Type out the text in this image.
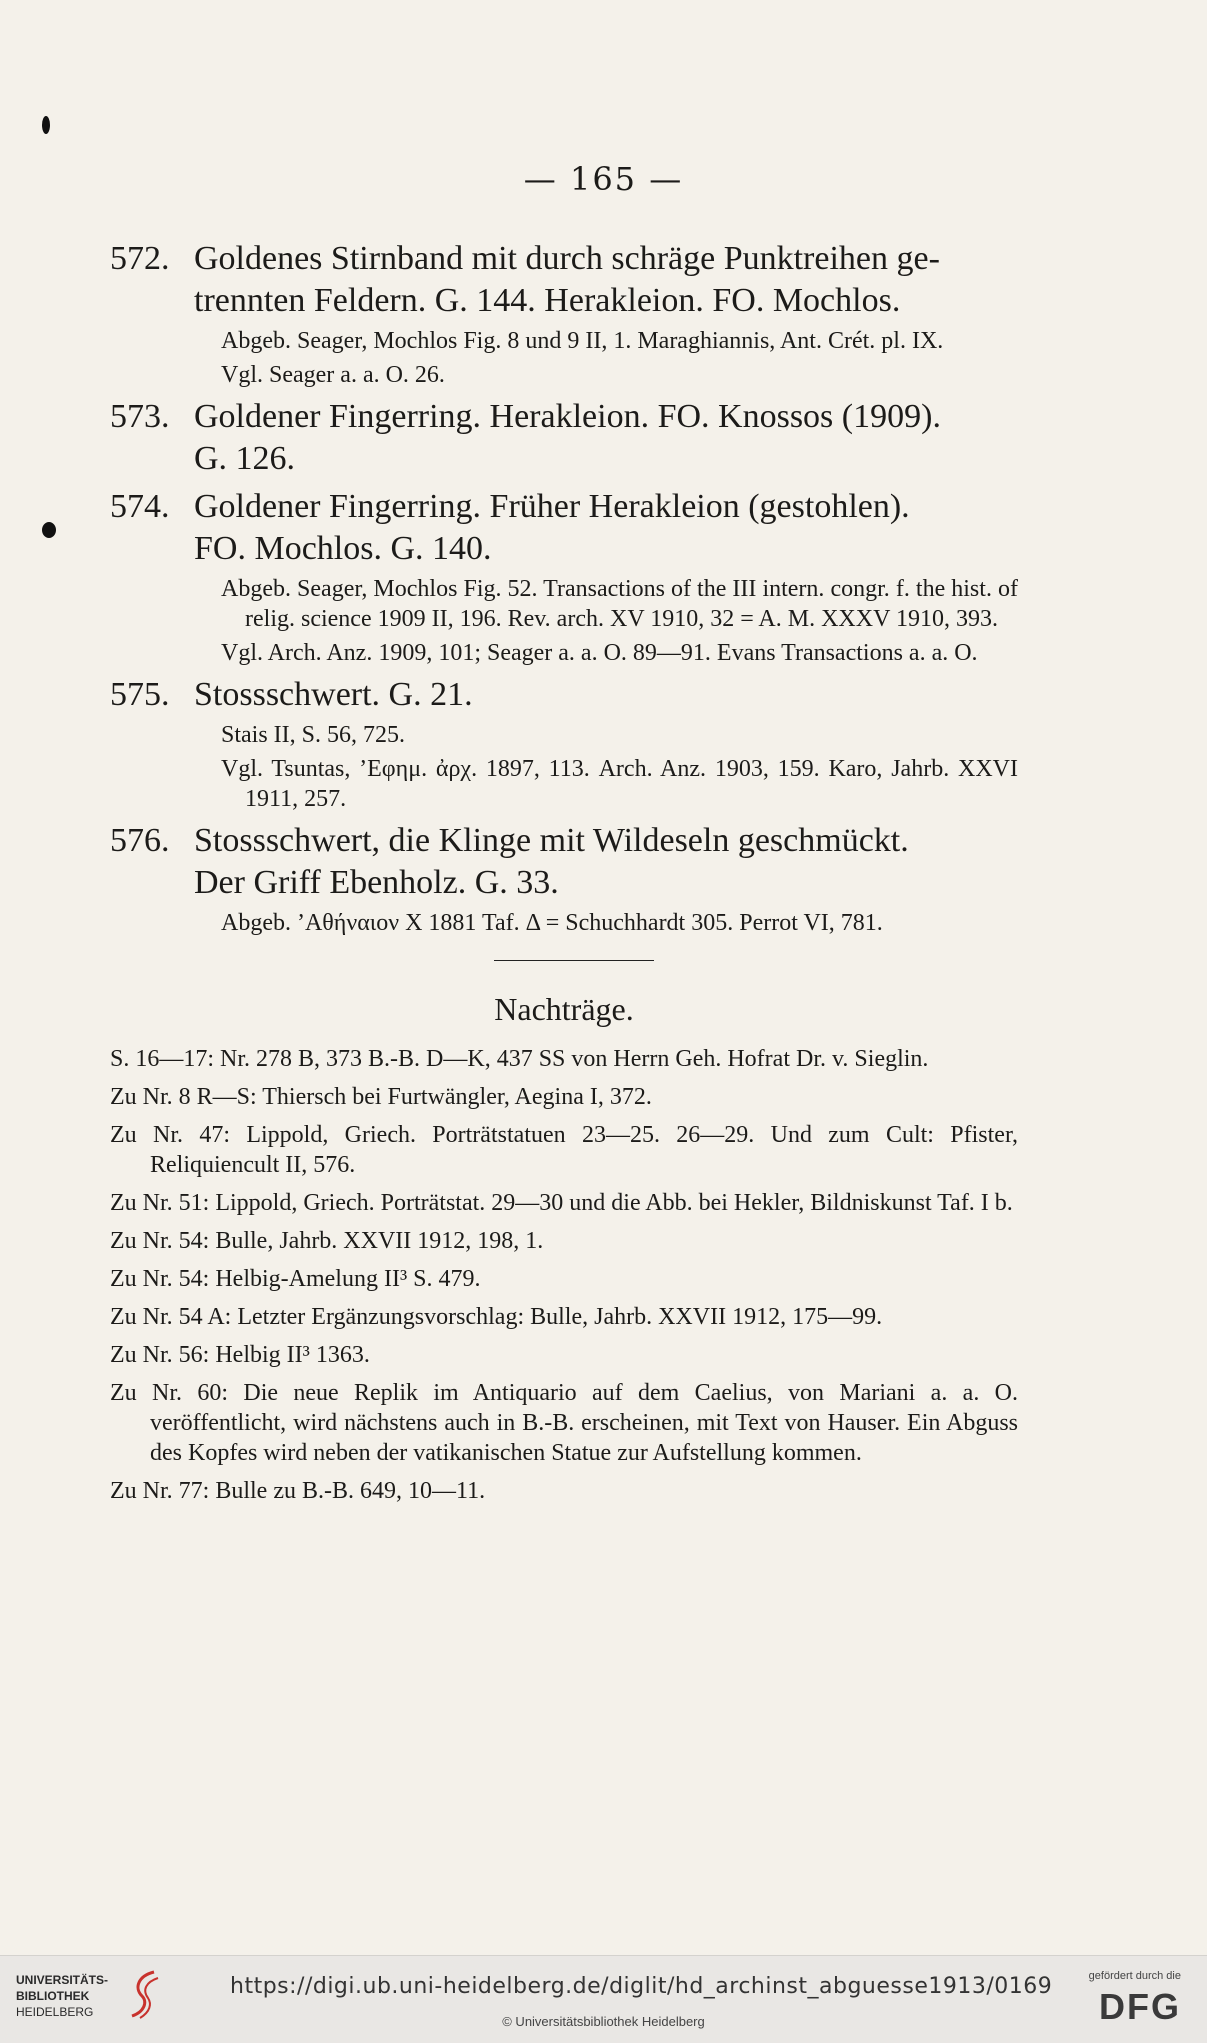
— 165 —
572. Goldenes Stirnband mit durch schräge Punktreihen ge-
trennten Feldern. G. 144. Herakleion. FO. Mochlos.
Abgeb. Seager, Mochlos Fig. 8 und 9 II, 1. Maraghiannis, Ant. Crét. pl. IX.
Vgl. Seager a. a. O. 26.
573. Goldener Fingerring. Herakleion. FO. Knossos (1909).
G. 126.
574. Goldener Fingerring. Früher Herakleion (gestohlen).
FO. Mochlos. G. 140.
Abgeb. Seager, Mochlos Fig. 52. Transactions of the III intern. congr. f. the hist. of relig. science 1909 II, 196. Rev. arch. XV 1910, 32 = A. M. XXXV 1910, 393.
Vgl. Arch. Anz. 1909, 101; Seager a. a. O. 89—91. Evans Transactions a. a. O.
575. Stossschwert. G. 21.
Stais II, S. 56, 725.
Vgl. Tsuntas, ’Εφημ. ἀρχ. 1897, 113. Arch. Anz. 1903, 159. Karo, Jahrb. XXVI 1911, 257.
576. Stossschwert, die Klinge mit Wildeseln geschmückt.
Der Griff Ebenholz. G. 33.
Abgeb. ’Αθήναιον X 1881 Taf. Δ = Schuchhardt 305. Perrot VI, 781.
Nachträge.
S. 16—17: Nr. 278 B, 373 B.-B. D—K, 437 SS von Herrn Geh. Hofrat Dr. v. Sieglin.
Zu Nr. 8 R—S: Thiersch bei Furtwängler, Aegina I, 372.
Zu Nr. 47: Lippold, Griech. Porträtstatuen 23—25. 26—29. Und zum Cult: Pfister, Reliquiencult II, 576.
Zu Nr. 51: Lippold, Griech. Porträtstat. 29—30 und die Abb. bei Hekler, Bildniskunst Taf. I b.
Zu Nr. 54: Bulle, Jahrb. XXVII 1912, 198, 1.
Zu Nr. 54: Helbig-Amelung II³ S. 479.
Zu Nr. 54 A: Letzter Ergänzungsvorschlag: Bulle, Jahrb. XXVII 1912, 175—99.
Zu Nr. 56: Helbig II³ 1363.
Zu Nr. 60: Die neue Replik im Antiquario auf dem Caelius, von Mariani a. a. O. veröffentlicht, wird nächstens auch in B.-B. erscheinen, mit Text von Hauser. Ein Abguss des Kopfes wird neben der vatikanischen Statue zur Aufstellung kommen.
Zu Nr. 77: Bulle zu B.-B. 649, 10—11.
UNIVERSITÄTS-
BIBLIOTHEK
HEIDELBERG
https://digi.ub.uni-heidelberg.de/diglit/hd_archinst_abguesse1913/0169
© Universitätsbibliothek Heidelberg
gefördert durch die
DFG
